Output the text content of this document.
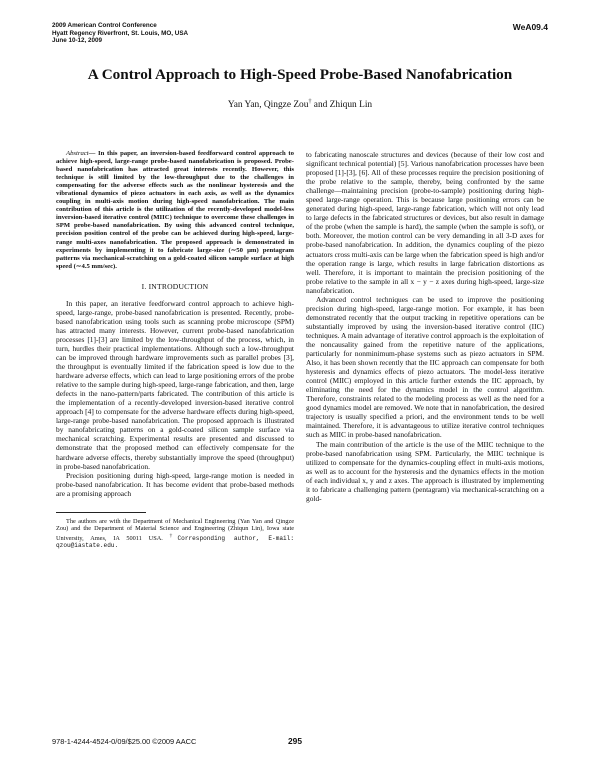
2009 American Control Conference
Hyatt Regency Riverfront, St. Louis, MO, USA
June 10-12, 2009
WeA09.4
A Control Approach to High-Speed Probe-Based Nanofabrication
Yan Yan, Qingze Zou† and Zhiqun Lin

Abstract— In this paper, an inversion-based feedforward control approach to achieve high-speed, large-range probe-based nanofabrication is proposed. Probe-based nanofabrication has attracted great interests recently. However, this technique is still limited by the low-throughput due to the challenges in compensating for the adverse effects such as the nonlinear hysteresis and the vibrational dynamics of piezo actuators in each axis, as well as the dynamics coupling in multi-axis motion during high-speed nanofabrication. The main contribution of this article is the utilization of the recently-developed model-less inversion-based iterative control (MIIC) technique to overcome these challenges in SPM probe-based nanofabrication. By using this advanced control technique, precision position control of the probe can be achieved during high-speed, large-range multi-axes nanofabrication. The proposed approach is demonstrated in experiments by implementing it to fabricate large-size (∼50 μm) pentagram patterns via mechanical-scratching on a gold-coated silicon sample surface at high speed (∼4.5 mm/sec).

I. INTRODUCTION

In this paper, an iterative feedforward control approach to achieve high-speed, large-range, probe-based nanofabrication is presented. Recently, probe-based nanofabrication using tools such as scanning probe microscope (SPM) has attracted many interests. However, current probe-based nanofabrication processes [1]-[3] are limited by the low-throughput of the process, which, in turn, hurdles their practical implementations. Although such a low-throughput can be improved through hardware improvements such as parallel probes [3], the throughput is eventually limited if the fabrication speed is low due to the hardware adverse effects, which can lead to large positioning errors of the probe relative to the sample during high-speed, large-range fabrication, and then, large defects in the nano-pattern/parts fabricated. The contribution of this article is the implementation of a recently-developed inversion-based iterative control approach [4] to compensate for the adverse hardware effects during high-speed, large-range probe-based nanofabrication. The proposed approach is illustrated by nanofabricating patterns on a gold-coated silicon sample surface via mechanical scratching. Experimental results are presented and discussed to demonstrate that the proposed method can effectively compensate for the hardware adverse effects, thereby substantially improve the speed (throughput) in probe-based nanofabrication.

Precision positioning during high-speed, large-range motion is needed in probe-based nanofabrication. It has become evident that probe-based methods are a promising approach

The authors are with the Department of Mechanical Engineering (Yan Yan and Qingze Zou) and the Department of Material Science and Engineering (Zhiqun Lin), Iowa state University, Ames, IA 50011 USA. †Corresponding author, E-mail: qzou@iastate.edu.

to fabricating nanoscale structures and devices (because of their low cost and significant technical potential) [5]. Various nanofabrication processes have been proposed [1]-[3], [6]. All of these processes require the precision positioning of the probe relative to the sample, thereby, being confronted by the same challenge—maintaining precision (probe-to-sample) positioning during high-speed large-range operation. This is because large positioning errors can be generated during high-speed, large-range fabrication, which will not only lead to large defects in the fabricated structures or devices, but also result in damage of the probe (when the sample is hard), the sample (when the sample is soft), or both. Moreover, the motion control can be very demanding in all 3-D axes for probe-based nanofabrication. In addition, the dynamics coupling of the piezo actuators cross multi-axis can be large when the fabrication speed is high and/or the operation range is large, which results in large fabrication distortions as well. Therefore, it is important to maintain the precision positioning of the probe relative to the sample in all x − y − z axes during high-speed, large-size nanofabrication.

Advanced control techniques can be used to improve the positioning precision during high-speed, large-range motion. For example, it has been demonstrated recently that the output tracking in repetitive operations can be substantially improved by using the inversion-based iterative control (IIC) techniques. A main advantage of iterative control approach is the exploitation of the noncausality gained from the repetitive nature of the applications, particularly for nonminimum-phase systems such as piezo actuators in SPM. Also, it has been shown recently that the IIC approach can compensate for both hysteresis and dynamics effects of piezo actuators. The model-less iterative control (MIIC) employed in this article further extends the IIC approach, by eliminating the need for the dynamics model in the control algorithm. Therefore, constraints related to the modeling process as well as the need for a good dynamics model are removed. We note that in nanofabrication, the desired trajectory is usually specified a priori, and the environment tends to be well maintained. Therefore, it is advantageous to utilize iterative control techniques such as MIIC in probe-based nanofabrication.

The main contribution of the article is the use of the MIIC technique to the probe-based nanofabrication using SPM. Particularly, the MIIC technique is utilized to compensate for the dynamics-coupling effect in multi-axis motions, as well as to account for the hysteresis and the dynamics effects in the motion of each individual x, y and z axes. The approach is illustrated by implementing it to fabricate a challenging pattern (pentagram) via mechanical-scratching on a gold-

978-1-4244-4524-0/09/$25.00 ©2009 AACC	295
